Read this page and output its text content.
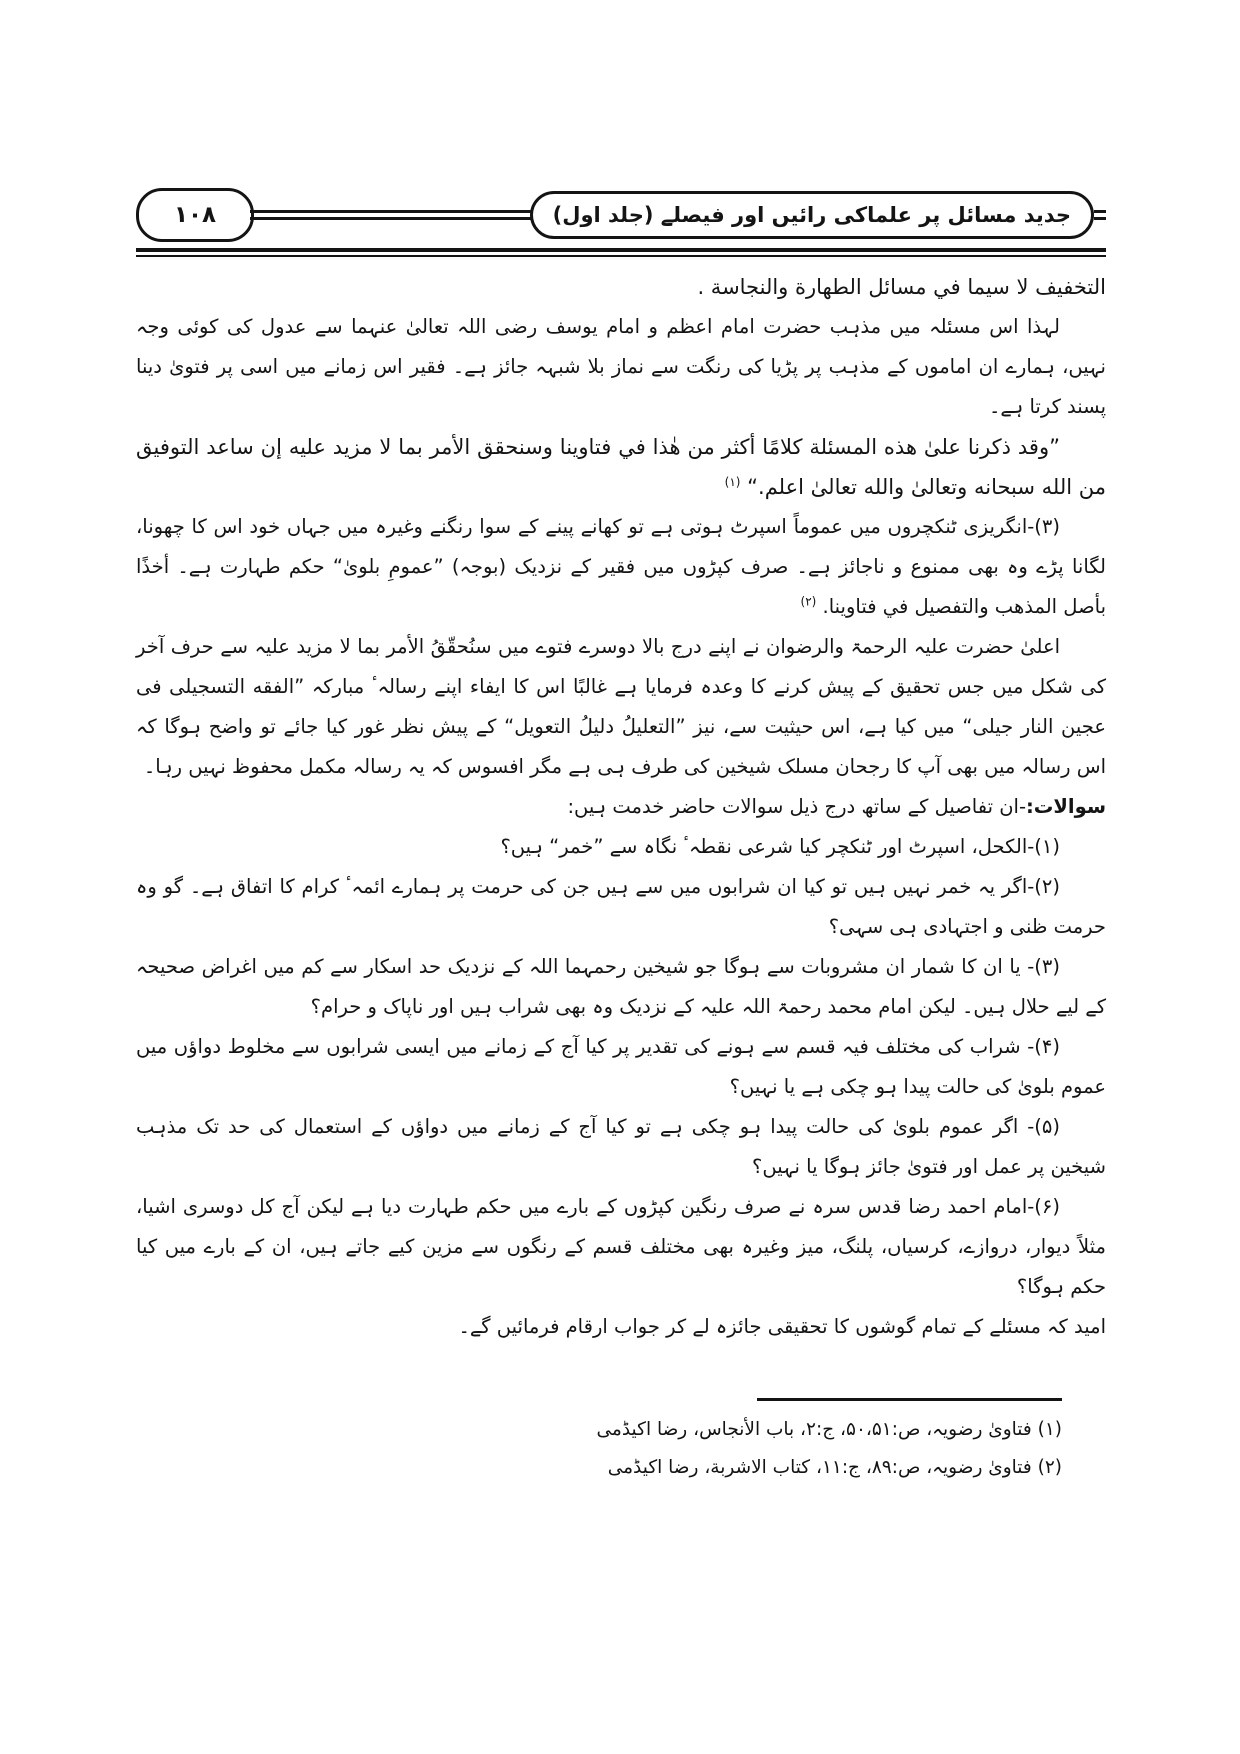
۱۰۸	جدید مسائل پر علماکی رائیں اور فیصلے (جلد اول)

التخفيف لا سيما في مسائل الطهارة والنجاسة .

لہذا اس مسئلہ میں مذہب حضرت امام اعظم و امام یوسف رضی اللہ تعالیٰ عنہما سے عدول کی کوئی وجہ نہیں، ہمارے ان اماموں کے مذہب پر پڑیا کی رنگت سے نماز بلا شبہہ جائز ہے۔ فقیر اس زمانے میں اسی پر فتویٰ دینا پسند کرتا ہے۔

”وقد ذكرنا علىٰ هذه المسئلة كلامًا أكثر من هٰذا في فتاوينا وسنحقق الأمر بما لا مزيد عليه إن ساعد التوفيق من الله سبحانه وتعالىٰ والله تعالىٰ اعلم.“ $^{(۱)}$

(۳)-انگریزی ٹنکچروں میں عموماً اسپرٹ ہوتی ہے تو کھانے پینے کے سوا رنگنے وغیرہ میں جہاں خود اس کا چھونا، لگانا پڑے وہ بھی ممنوع و ناجائز ہے۔ صرف کپڑوں میں فقیر کے نزدیک (بوجہ) ”عمومِ بلویٰ“ حکم طہارت ہے۔ أخذًا بأصل المذهب والتفصيل في فتاوينا. $^{(۲)}$

اعلیٰ حضرت علیہ الرحمۃ والرضوان نے اپنے درج بالا دوسرے فتوے میں سنُحقّقُ الأمر بما لا مزید علیہ سے حرف آخر کی شکل میں جس تحقیق کے پیش کرنے کا وعدہ فرمایا ہے غالبًا اس کا ایفاء اپنے رسالہٴ مبارکہ ”الفقه التسجیلی فی عجین النار جیلی“ میں کیا ہے، اس حیثیت سے، نیز ”التعلیلُ دلیلُ التعویل“ کے پیش نظر غور کیا جائے تو واضح ہوگا کہ اس رسالہ میں بھی آپ کا رجحان مسلک شیخین کی طرف ہی ہے مگر افسوس کہ یہ رسالہ مکمل محفوظ نہیں رہا۔

سوالات:-ان تفاصیل کے ساتھ درج ذیل سوالات حاضر خدمت ہیں:

(۱)-الکحل، اسپرٹ اور ٹنکچر کیا شرعی نقطہٴ نگاہ سے ”خمر“ ہیں؟

(۲)-اگر یہ خمر نہیں ہیں تو کیا ان شرابوں میں سے ہیں جن کی حرمت پر ہمارے ائمہٴ کرام کا اتفاق ہے۔ گو وہ حرمت ظنی و اجتہادی ہی سہی؟

(۳)- یا ان کا شمار ان مشروبات سے ہوگا جو شیخین رحمہما اللہ کے نزدیک حد اسکار سے کم میں اغراض صحیحہ کے لیے حلال ہیں۔ لیکن امام محمد رحمۃ اللہ علیہ کے نزدیک وہ بھی شراب ہیں اور ناپاک و حرام؟

(۴)- شراب کی مختلف فیہ قسم سے ہونے کی تقدیر پر کیا آج کے زمانے میں ایسی شرابوں سے مخلوط دواؤں میں عموم بلویٰ کی حالت پیدا ہو چکی ہے یا نہیں؟

(۵)- اگر عموم بلویٰ کی حالت پیدا ہو چکی ہے تو کیا آج کے زمانے میں دواؤں کے استعمال کی حد تک مذہب شیخین پر عمل اور فتویٰ جائز ہوگا یا نہیں؟

(۶)-امام احمد رضا قدس سرہ نے صرف رنگین کپڑوں کے بارے میں حکم طہارت دیا ہے لیکن آج کل دوسری اشیا، مثلاً دیوار، دروازے، کرسیاں، پلنگ، میز وغیرہ بھی مختلف قسم کے رنگوں سے مزین کیے جاتے ہیں، ان کے بارے میں کیا حکم ہوگا؟

امید کہ مسئلے کے تمام گوشوں کا تحقیقی جائزہ لے کر جواب ارقام فرمائیں گے۔

(۱) فتاویٰ رضویہ، ص:۵۰،۵۱، ج:۲، باب الأنجاس، رضا اکیڈمی

(۲) فتاویٰ رضویہ، ص:۸۹، ج:۱۱، کتاب الاشربة، رضا اکیڈمی
